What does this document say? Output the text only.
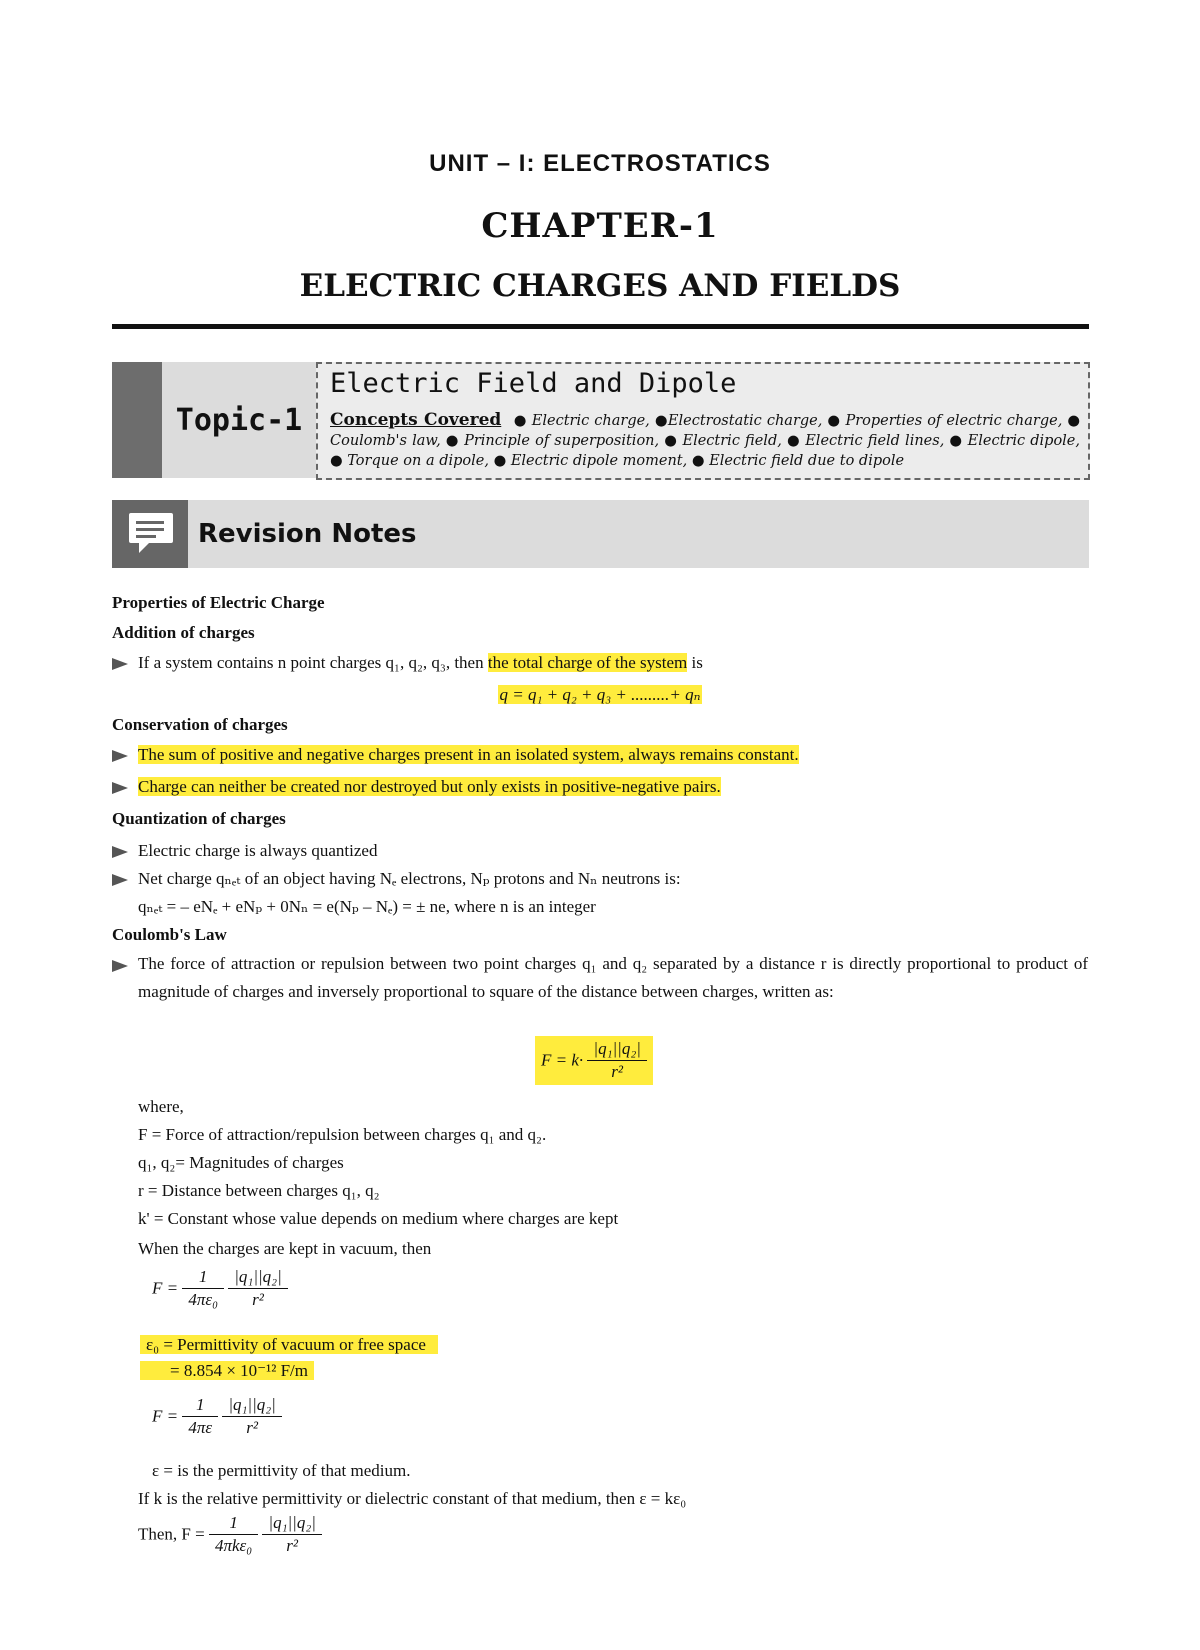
UNIT – I: ELECTROSTATICS
CHAPTER-1
ELECTRIC CHARGES AND FIELDS
Topic-1
Electric Field and Dipole
Concepts Covered ● Electric charge, ●Electrostatic charge, ● Properties of electric charge, ● Coulomb's law, ● Principle of superposition, ● Electric field, ● Electric field lines, ● Electric dipole, ● Torque on a dipole, ● Electric dipole moment, ● Electric field due to dipole
Revision Notes
Properties of Electric Charge
Addition of charges
If a system contains n point charges q₁, q₂, q₃, then the total charge of the system is
q = q₁ + q₂ + q₃ + .........+ qₙ
Conservation of charges
The sum of positive and negative charges present in an isolated system, always remains constant.
Charge can neither be created nor destroyed but only exists in positive-negative pairs.
Quantization of charges
Electric charge is always quantized
Net charge qₙₑₜ of an object having Nₑ electrons, Nₚ protons and Nₙ neutrons is:
qₙₑₜ = – eNₑ + eNₚ + 0Nₙ = e(Nₚ – Nₑ) = ± ne, where n is an integer
Coulomb's Law
The force of attraction or repulsion between two point charges q₁ and q₂ separated by a distance r is directly proportional to product of magnitude of charges and inversely proportional to square of the distance between charges, written as:
$F = k\cdot \frac{\text{|q₁||q₂|}}{\text{r²}}$
where,
F = Force of attraction/repulsion between charges q₁ and q₂.
q₁, q₂= Magnitudes of charges
r = Distance between charges q₁, q₂
k' = Constant whose value depends on medium where charges are kept
When the charges are kept in vacuum, then
$F = \frac{1}{\text{4πε₀}}$
$\frac{\text{|q₁||q₂|}}{\text{r²}}$
ε₀ = Permittivity of vacuum or free space
= 8.854 × 10⁻¹² F/m
$F = \frac{1}{4\pi\varepsilon}$
$\frac{\text{|q₁||q₂|}}{\text{r²}}$
ε = is the permittivity of that medium.
If k is the relative permittivity or dielectric constant of that medium, then ε = kε₀
Then, $F = \frac{1}{\text{4πkε₀}}$
$\frac{\text{|q₁||q₂|}}{\text{r²}}$
